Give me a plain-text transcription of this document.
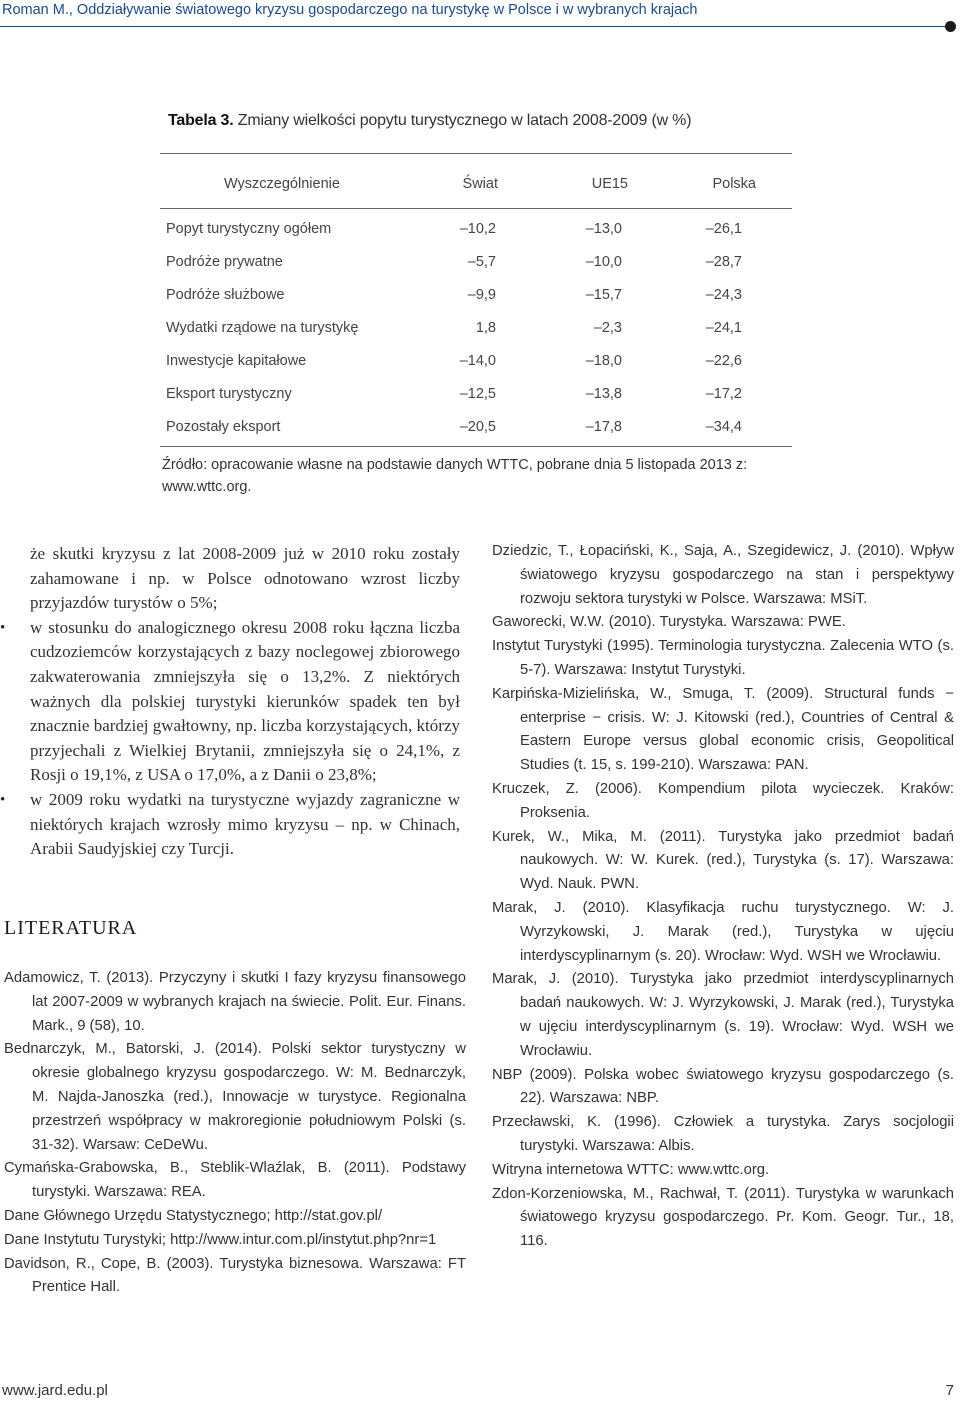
Roman M., Oddziaływanie światowego kryzysu gospodarczego na turystykę w Polsce i w wybranych krajach
Tabela 3. Zmiany wielkości popytu turystycznego w latach 2008-2009 (w %)
Wyszczególnienie	Świat	UE15	Polska
Popyt turystyczny ogółem	–10,2	–13,0	–26,1
Podróże prywatne	–5,7	–10,0	–28,7
Podróże służbowe	–9,9	–15,7	–24,3
Wydatki rządowe na turystykę	1,8	–2,3	–24,1
Inwestycje kapitałowe	–14,0	–18,0	–22,6
Eksport turystyczny	–12,5	–13,8	–17,2
Pozostały eksport	–20,5	–17,8	–34,4
Źródło: opracowanie własne na podstawie danych WTTC, pobrane dnia 5 listopada 2013 z: www.wttc.org.

że skutki kryzysu z lat 2008-2009 już w 2010 roku zostały zahamowane i np. w Polsce odnotowano wzrost liczby przyjazdów turystów o 5%;

• w stosunku do analogicznego okresu 2008 roku łączna liczba cudzoziemców korzystających z bazy noclegowej zbiorowego zakwaterowania zmniejszyła się o 13,2%. Z niektórych ważnych dla polskiej turystyki kierunków spadek ten był znacznie bardziej gwałtowny, np. liczba korzystających, którzy przyjechali z Wielkiej Brytanii, zmniejszyła się o 24,1%, z Rosji o 19,1%, z USA o 17,0%, a z Danii o 23,8%;

• w 2009 roku wydatki na turystyczne wyjazdy zagraniczne w niektórych krajach wzrosły mimo kryzysu – np. w Chinach, Arabii Saudyjskiej czy Turcji.

LITERATURA

Adamowicz, T. (2013). Przyczyny i skutki I fazy kryzysu finansowego lat 2007-2009 w wybranych krajach na świecie. Polit. Eur. Finans. Mark., 9 (58), 10.

Bednarczyk, M., Batorski, J. (2014). Polski sektor turystyczny w okresie globalnego kryzysu gospodarczego. W: M. Bednarczyk, M. Najda-Janoszka (red.), Innowacje w turystyce. Regionalna przestrzeń współpracy w makroregionie południowym Polski (s. 31-32). Warsaw: CeDeWu.

Cymańska-Grabowska, B., Steblik-Wlaźlak, B. (2011). Podstawy turystyki. Warszawa: REA.

Dane Głównego Urzędu Statystycznego; http://stat.gov.pl/

Dane Instytutu Turystyki; http://www.intur.com.pl/instytut.php?nr=1

Davidson, R., Cope, B. (2003). Turystyka biznesowa. Warszawa: FT Prentice Hall.

Dziedzic, T., Łopaciński, K., Saja, A., Szegidewicz, J. (2010). Wpływ światowego kryzysu gospodarczego na stan i perspektywy rozwoju sektora turystyki w Polsce. Warszawa: MSiT.

Gaworecki, W.W. (2010). Turystyka. Warszawa: PWE.

Instytut Turystyki (1995). Terminologia turystyczna. Zalecenia WTO (s. 5-7). Warszawa: Instytut Turystyki.

Karpińska-Mizielińska, W., Smuga, T. (2009). Structural funds − enterprise − crisis. W: J. Kitowski (red.), Countries of Central & Eastern Europe versus global economic crisis, Geopolitical Studies (t. 15, s. 199-210). Warszawa: PAN.

Kruczek, Z. (2006). Kompendium pilota wycieczek. Kraków: Proksenia.

Kurek, W., Mika, M. (2011). Turystyka jako przedmiot badań naukowych. W: W. Kurek. (red.), Turystyka (s. 17). Warszawa: Wyd. Nauk. PWN.

Marak, J. (2010). Klasyfikacja ruchu turystycznego. W: J. Wyrzykowski, J. Marak (red.), Turystyka w ujęciu interdyscyplinarnym (s. 20). Wrocław: Wyd. WSH we Wrocławiu.

Marak, J. (2010). Turystyka jako przedmiot interdyscyplinarnych badań naukowych. W: J. Wyrzykowski, J. Marak (red.), Turystyka w ujęciu interdyscyplinarnym (s. 19). Wrocław: Wyd. WSH we Wrocławiu.

NBP (2009). Polska wobec światowego kryzysu gospodarczego (s. 22). Warszawa: NBP.

Przecławski, K. (1996). Człowiek a turystyka. Zarys socjologii turystyki. Warszawa: Albis.

Witryna internetowa WTTC: www.wttc.org.

Zdon-Korzeniowska, M., Rachwał, T. (2011). Turystyka w warunkach światowego kryzysu gospodarczego. Pr. Kom. Geogr. Tur., 18, 116.

www.jard.edu.pl	7
